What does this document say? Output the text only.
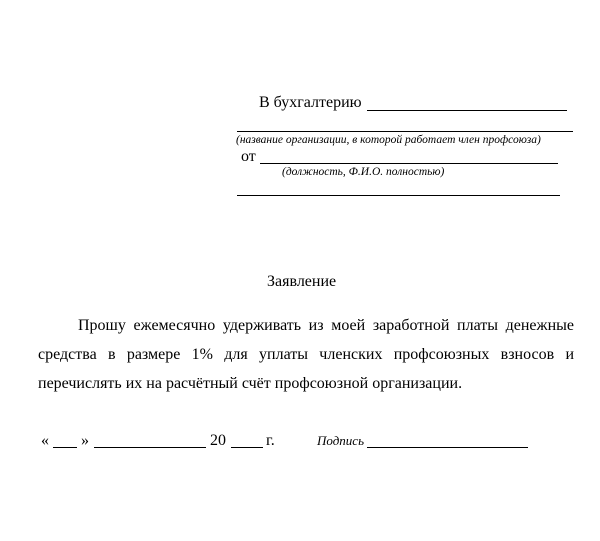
В бухгалтерию
(название организации, в которой работает член профсоюза)
от
(должность, Ф.И.О. полностью)
Заявление
Прошу ежемесячно удерживать из моей заработной платы денежные
средства в размере 1% для уплаты членских профсоюзных взносов и
перечислять их на расчётный счёт профсоюзной организации.
« »	20	г.	Подпись
